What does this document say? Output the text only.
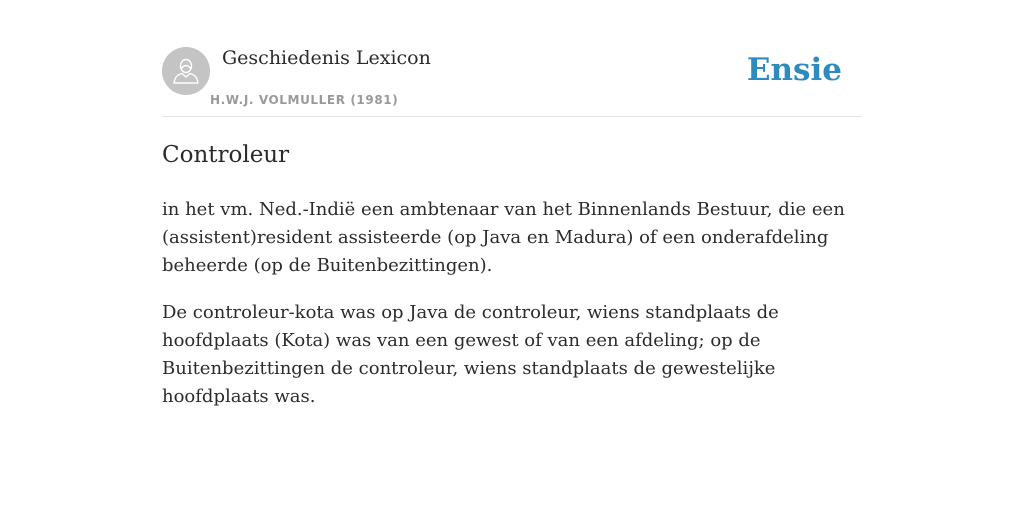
Geschiedenis Lexicon
H.W.J. VOLMULLER (1981)
Ensie
Controleur

in het vm. Ned.-Indië een ambtenaar van het Binnenlands Bestuur, die een (assistent)resident assisteerde (op Java en Madura) of een onderafdeling beheerde (op de Buitenbezittingen).

De controleur-kota was op Java de controleur, wiens standplaats de hoofdplaats (Kota) was van een gewest of van een afdeling; op de Buitenbezittingen de controleur, wiens standplaats de gewestelijke hoofdplaats was.
